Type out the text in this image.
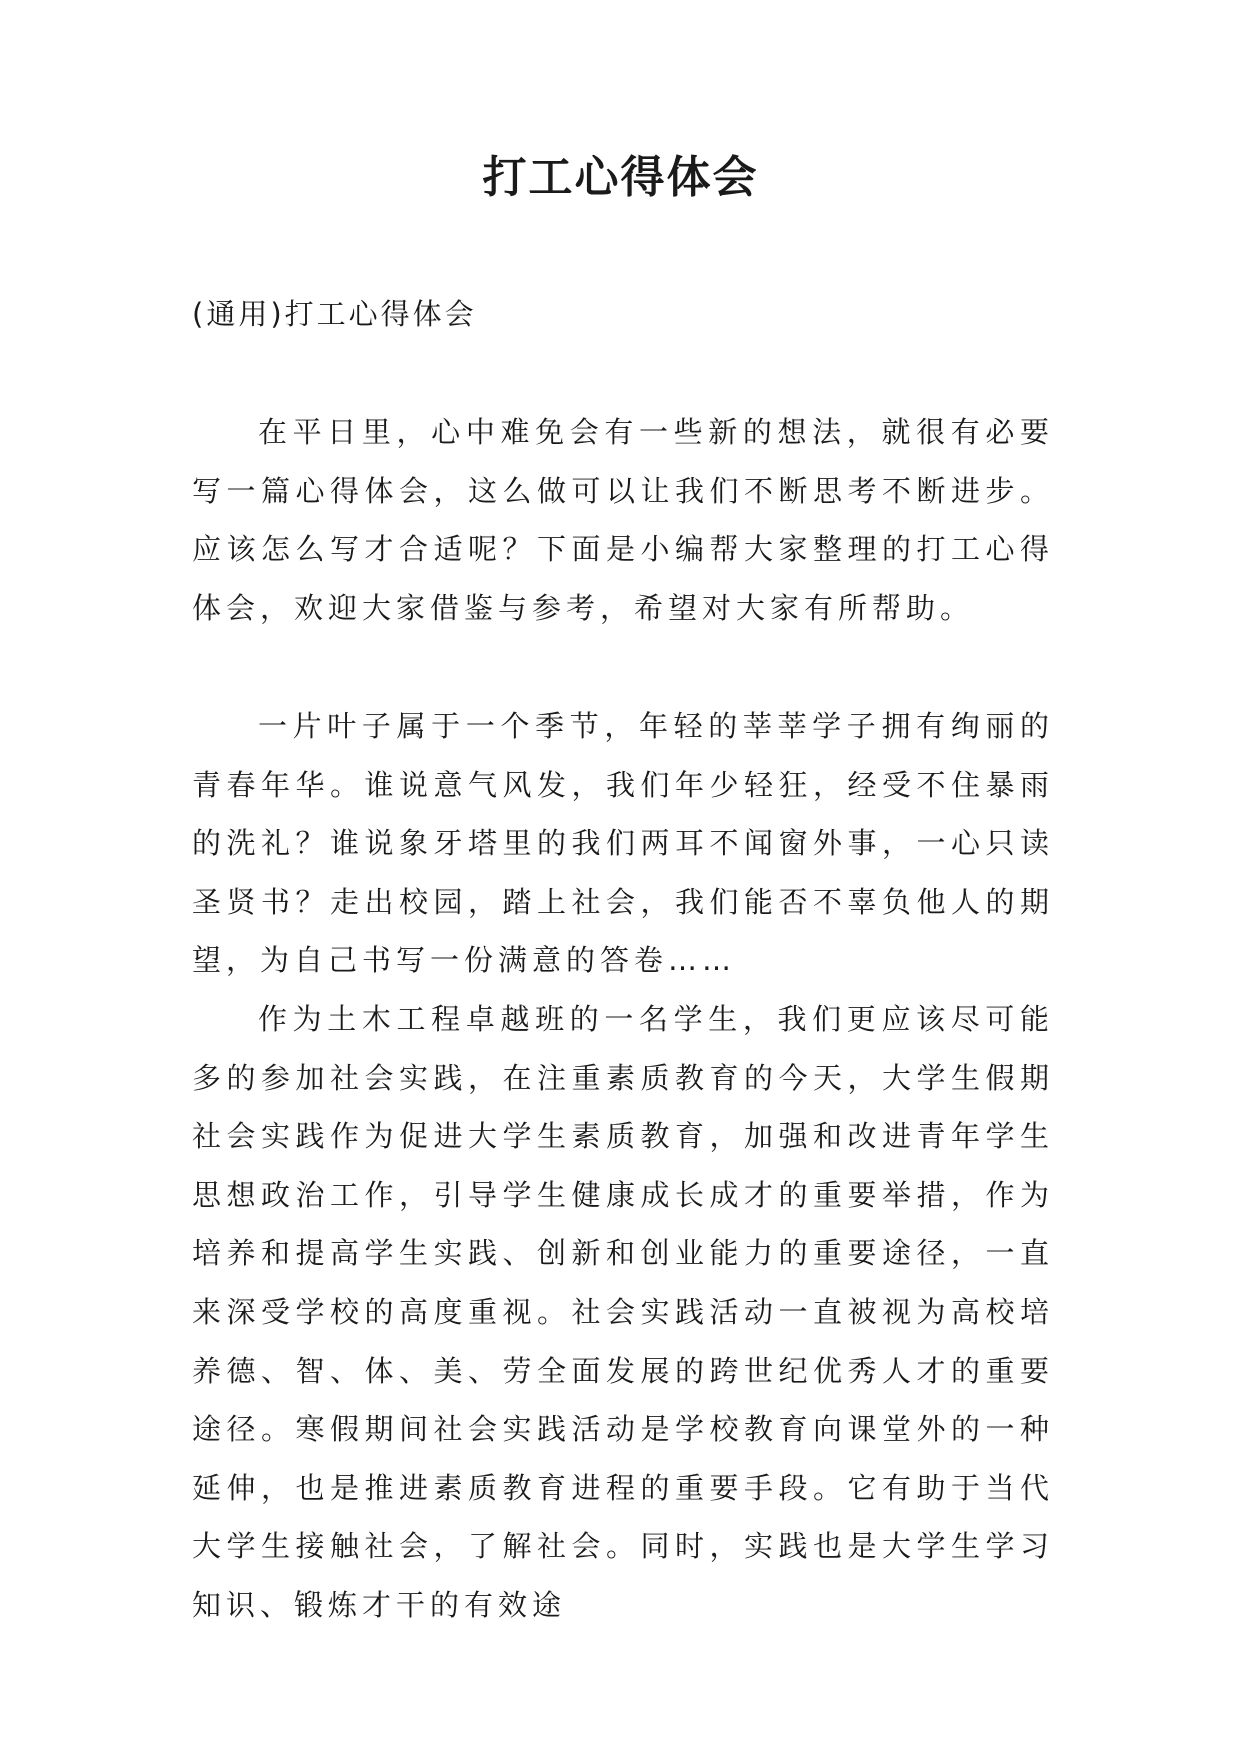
打工心得体会

(通用)打工心得体会

在平日里，心中难免会有一些新的想法，就很有必要写一篇心得体会，这么做可以让我们不断思考不断进步。应该怎么写才合适呢？下面是小编帮大家整理的打工心得体会，欢迎大家借鉴与参考，希望对大家有所帮助。

一片叶子属于一个季节，年轻的莘莘学子拥有绚丽的青春年华。谁说意气风发，我们年少轻狂，经受不住暴雨的洗礼？谁说象牙塔里的我们两耳不闻窗外事，一心只读圣贤书？走出校园，踏上社会，我们能否不辜负他人的期望，为自己书写一份满意的答卷……

作为土木工程卓越班的一名学生，我们更应该尽可能多的参加社会实践，在注重素质教育的今天，大学生假期社会实践作为促进大学生素质教育，加强和改进青年学生思想政治工作，引导学生健康成长成才的重要举措，作为培养和提高学生实践、创新和创业能力的重要途径，一直来深受学校的高度重视。社会实践活动一直被视为高校培养德、智、体、美、劳全面发展的跨世纪优秀人才的重要途径。寒假期间社会实践活动是学校教育向课堂外的一种延伸，也是推进素质教育进程的重要手段。它有助于当代大学生接触社会，了解社会。同时，实践也是大学生学习知识、锻炼才干的有效途
